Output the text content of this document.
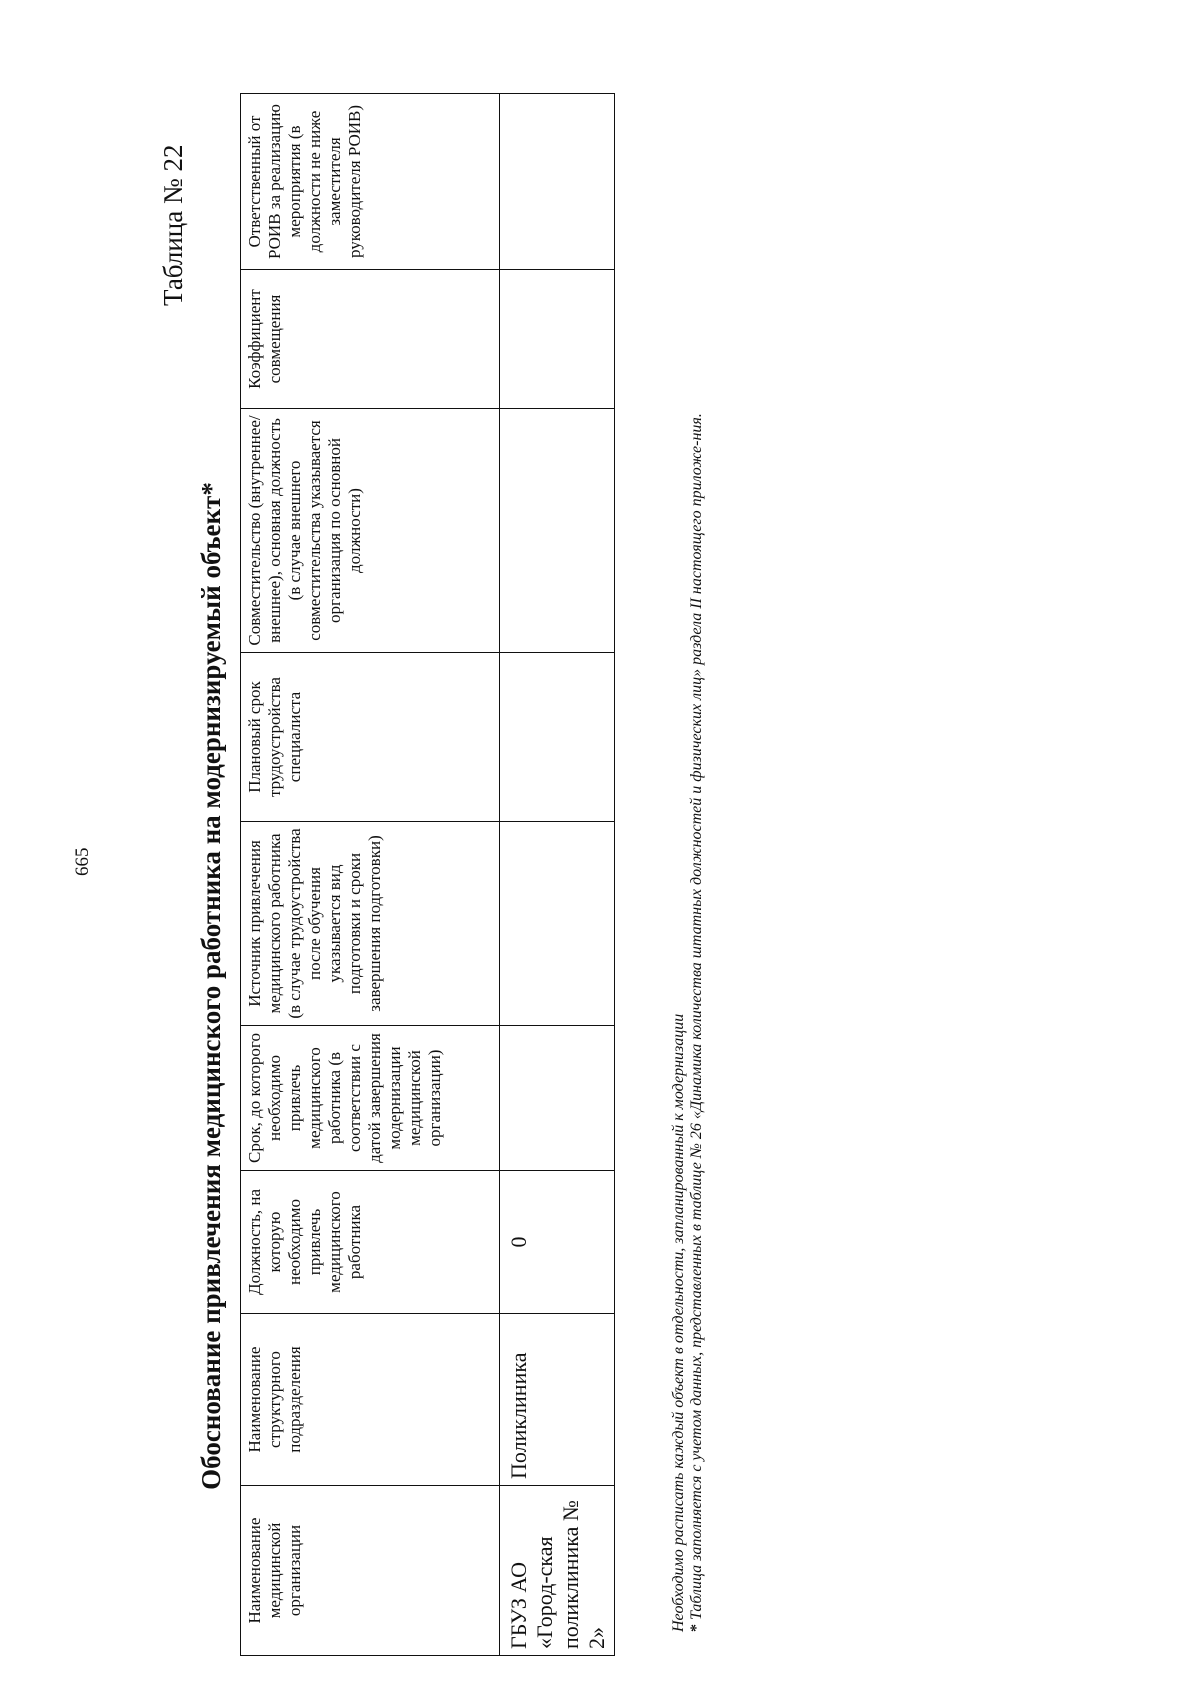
665
Таблица № 22
Обоснование привлечения медицинского работника на модернизируемый объект*
Наименование медицинской организации	Наименование структурного подразделения	Должность, на которую необходимо привлечь медицинского работника	Срок, до которого необходимо привлечь медицинского работника (в соответствии с датой завершения модернизации медицинской организации)	Источник привлечения медицинского работника (в случае трудоустройства после обучения указывается вид подготовки и сроки завершения подготовки)	Плановый срок трудоустройства специалиста	Совместительство (внутреннее/ внешнее), основная должность (в случае внешнего совместительства указывается организация по основной должности)	Коэффициент совмещения	Ответственный от РОИВ за реализацию мероприятия (в должности не ниже заместителя руководителя РОИВ)
ГБУЗ АО «Город-ская поликлиника № 2»	Поликлиника	0							Необходимо расписать каждый объект в отдельности, запланированный к модернизации * Таблица заполняется с учетом данных, представленных в таблице № 26 «Динамика количества штатных должностей и физических лиц» раздела II настоящего приложе-ния.
